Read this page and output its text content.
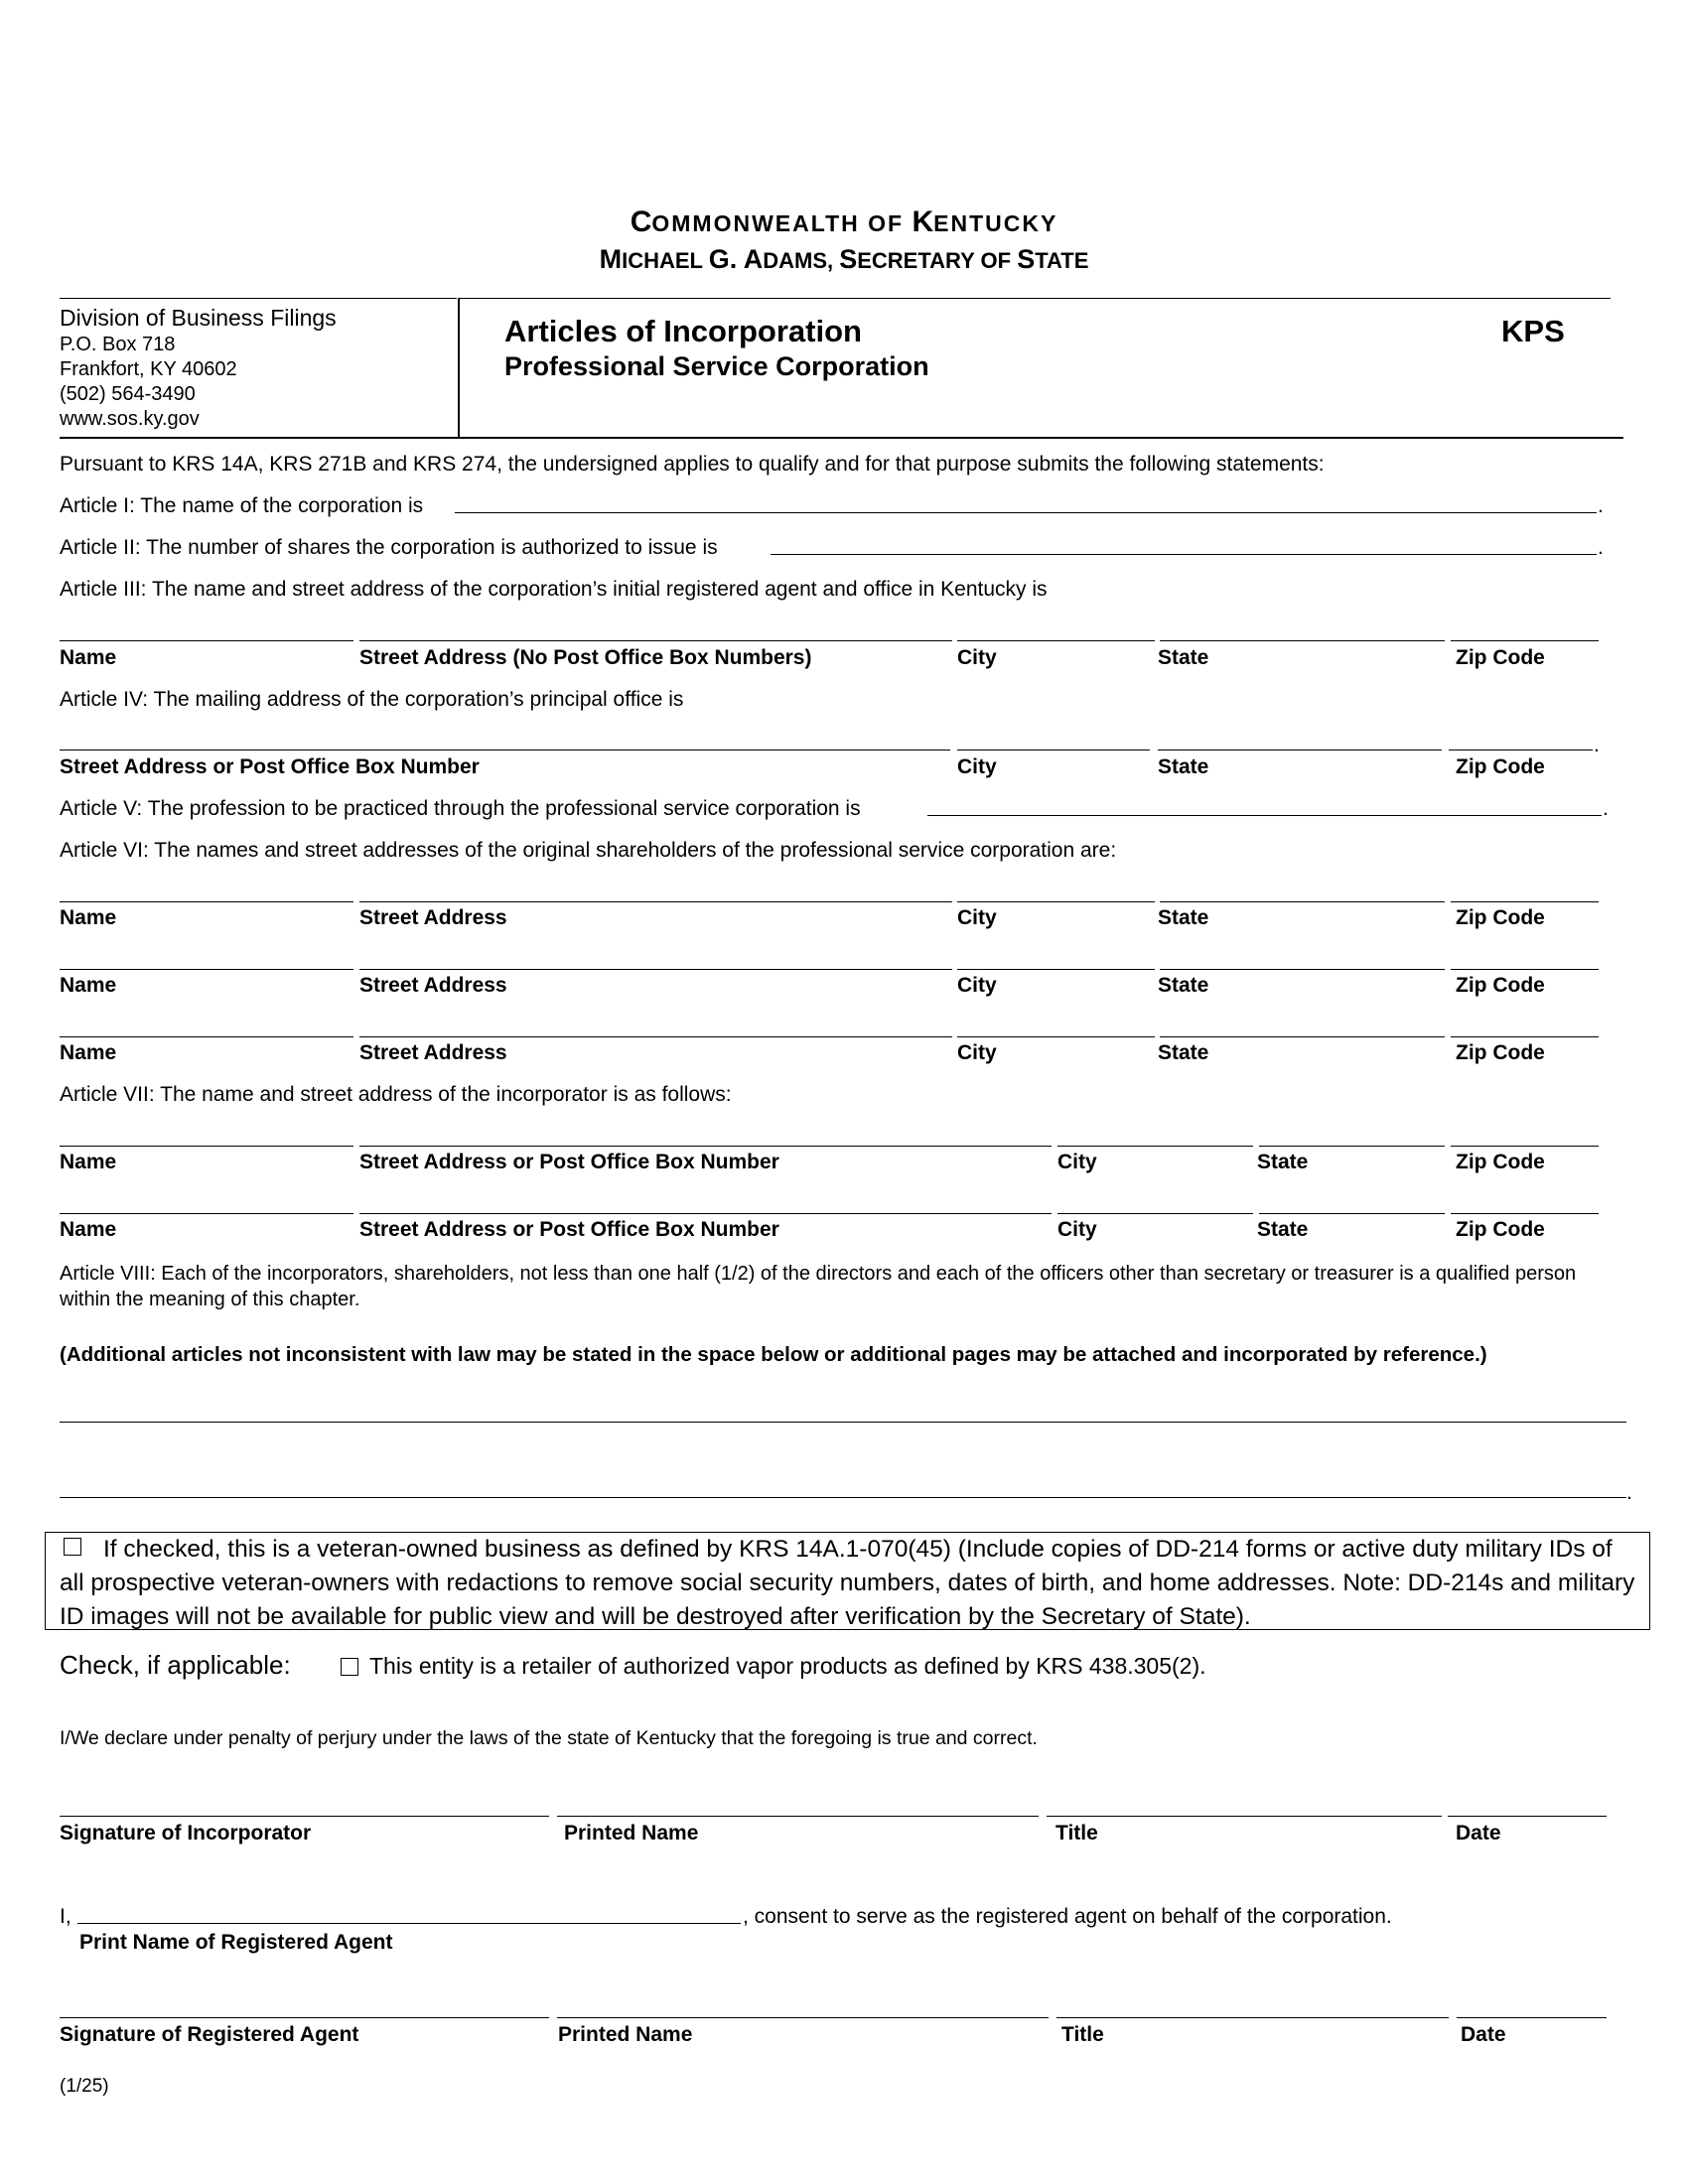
COMMONWEALTH OF KENTUCKY
MICHAEL G. ADAMS, SECRETARY OF STATE
Division of Business Filings
P.O. Box 718
Frankfort, KY 40602
(502) 564-3490
www.sos.ky.gov
Articles of Incorporation
Professional Service Corporation
KPS
Pursuant to KRS 14A, KRS 271B and KRS 274, the undersigned applies to qualify and for that purpose submits the following statements:
Article I: The name of the corporation is	.
Article II: The number of shares the corporation is authorized to issue is	.
Article III: The name and street address of the corporation’s initial registered agent and office in Kentucky is
Name	Street Address (No Post Office Box Numbers)	City	State	Zip Code
Article IV: The mailing address of the corporation’s principal office is
.
Street Address or Post Office Box Number	City	State	Zip Code
Article V: The profession to be practiced through the professional service corporation is	.
Article VI: The names and street addresses of the original shareholders of the professional service corporation are:
Name	Street Address	City	State	Zip Code
Name	Street Address	City	State	Zip Code
Name	Street Address	City	State	Zip Code
Article VII: The name and street address of the incorporator is as follows:
Name	Street Address or Post Office Box Number	City	State	Zip Code
Name	Street Address or Post Office Box Number	City	State	Zip Code
Article VIII: Each of the incorporators, shareholders, not less than one half (1/2) of the directors and each of the officers other than secretary or treasurer is a qualified person within the meaning of this chapter.
(Additional articles not inconsistent with law may be stated in the space below or additional pages may be attached and incorporated by reference.)
.
If checked, this is a veteran-owned business as defined by KRS 14A.1-070(45) (Include copies of DD-214 forms or active duty military IDs of all prospective veteran-owners with redactions to remove social security numbers, dates of birth, and home addresses. Note: DD-214s and military ID images will not be available for public view and will be destroyed after verification by the Secretary of State).
Check, if applicable:	This entity is a retailer of authorized vapor products as defined by KRS 438.305(2).
I/We declare under penalty of perjury under the laws of the state of Kentucky that the foregoing is true and correct.
Signature of Incorporator	Printed Name	Title	Date
I,	, consent to serve as the registered agent on behalf of the corporation.
Print Name of Registered Agent
Signature of Registered Agent	Printed Name	Title	Date
(1/25)
